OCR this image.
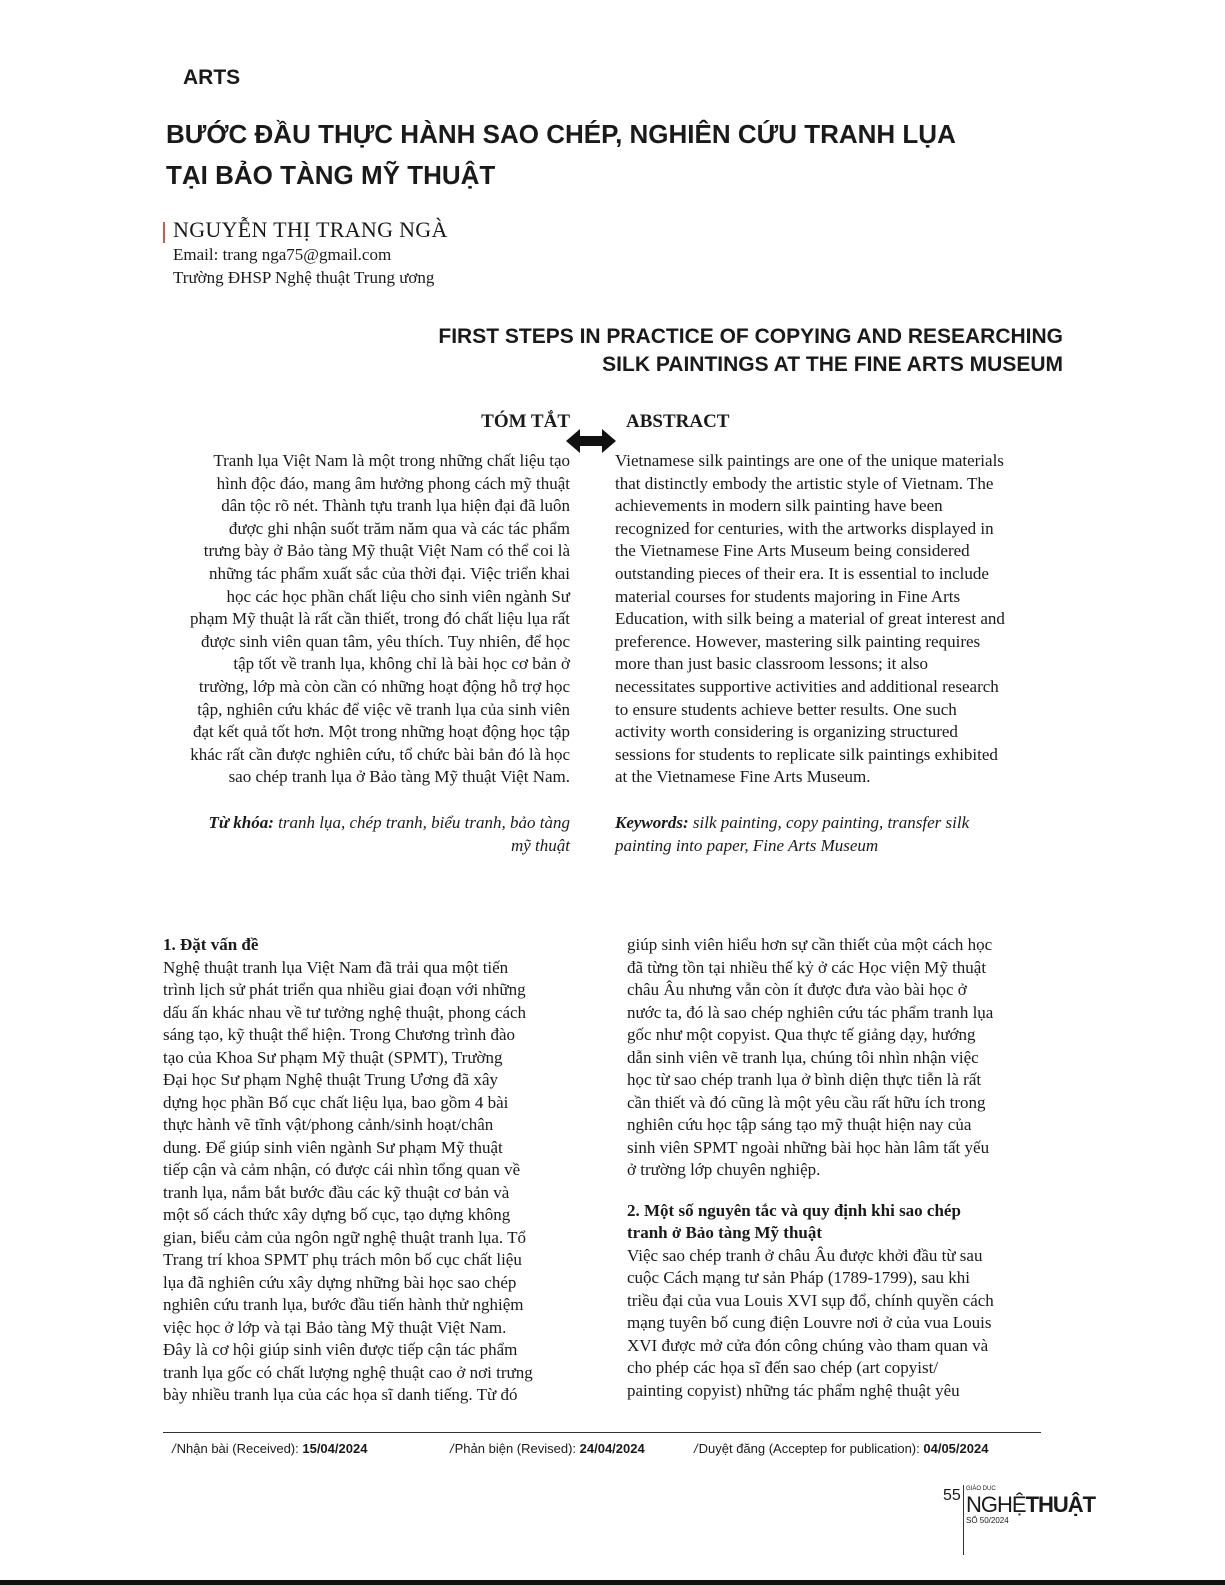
ARTS
BƯỚC ĐẦU THỰC HÀNH SAO CHÉP, NGHIÊN CỨU TRANH LỤA
TẠI BẢO TÀNG MỸ THUẬT
NGUYỄN THỊ TRANG NGÀ
Email: trang nga75@gmail.com
Trường ĐHSP Nghệ thuật Trung ương
FIRST STEPS IN PRACTICE OF COPYING AND RESEARCHING
SILK PAINTINGS AT THE FINE ARTS MUSEUM
TÓM TẮT	ABSTRACT
Tranh lụa Việt Nam là một trong những chất liệu tạo
hình độc đáo, mang âm hưởng phong cách mỹ thuật
dân tộc rõ nét. Thành tựu tranh lụa hiện đại đã luôn
được ghi nhận suốt trăm năm qua và các tác phẩm
trưng bày ở Bảo tàng Mỹ thuật Việt Nam có thể coi là
những tác phẩm xuất sắc của thời đại. Việc triển khai
học các học phần chất liệu cho sinh viên ngành Sư
phạm Mỹ thuật là rất cần thiết, trong đó chất liệu lụa rất
được sinh viên quan tâm, yêu thích. Tuy nhiên, để học
tập tốt về tranh lụa, không chỉ là bài học cơ bản ở
trường, lớp mà còn cần có những hoạt động hỗ trợ học
tập, nghiên cứu khác để việc vẽ tranh lụa của sinh viên
đạt kết quả tốt hơn. Một trong những hoạt động học tập
khác rất cần được nghiên cứu, tổ chức bài bản đó là học
sao chép tranh lụa ở Bảo tàng Mỹ thuật Việt Nam.
Vietnamese silk paintings are one of the unique materials
that distinctly embody the artistic style of Vietnam. The
achievements in modern silk painting have been
recognized for centuries, with the artworks displayed in
the Vietnamese Fine Arts Museum being considered
outstanding pieces of their era. It is essential to include
material courses for students majoring in Fine Arts
Education, with silk being a material of great interest and
preference. However, mastering silk painting requires
more than just basic classroom lessons; it also
necessitates supportive activities and additional research
to ensure students achieve better results. One such
activity worth considering is organizing structured
sessions for students to replicate silk paintings exhibited
at the Vietnamese Fine Arts Museum.
Từ khóa: tranh lụa, chép tranh, biểu tranh, bảo tàng
mỹ thuật
Keywords: silk painting, copy painting, transfer silk
painting into paper, Fine Arts Museum
1. Đặt vấn đề
Nghệ thuật tranh lụa Việt Nam đã trải qua một tiến
trình lịch sử phát triển qua nhiều giai đoạn với những
dấu ấn khác nhau về tư tưởng nghệ thuật, phong cách
sáng tạo, kỹ thuật thể hiện. Trong Chương trình đào
tạo của Khoa Sư phạm Mỹ thuật (SPMT), Trường
Đại học Sư phạm Nghệ thuật Trung Ương đã xây
dựng học phần Bố cục chất liệu lụa, bao gồm 4 bài
thực hành vẽ tĩnh vật/phong cảnh/sinh hoạt/chân
dung. Để giúp sinh viên ngành Sư phạm Mỹ thuật
tiếp cận và cảm nhận, có được cái nhìn tổng quan về
tranh lụa, nắm bắt bước đầu các kỹ thuật cơ bản và
một số cách thức xây dựng bố cục, tạo dựng không
gian, biểu cảm của ngôn ngữ nghệ thuật tranh lụa. Tổ
Trang trí khoa SPMT phụ trách môn bố cục chất liệu
lụa đã nghiên cứu xây dựng những bài học sao chép
nghiên cứu tranh lụa, bước đầu tiến hành thử nghiệm
việc học ở lớp và tại Bảo tàng Mỹ thuật Việt Nam.
Đây là cơ hội giúp sinh viên được tiếp cận tác phẩm
tranh lụa gốc có chất lượng nghệ thuật cao ở nơi trưng
bày nhiều tranh lụa của các họa sĩ danh tiếng. Từ đó
giúp sinh viên hiểu hơn sự cần thiết của một cách học
đã từng tồn tại nhiều thế kỷ ở các Học viện Mỹ thuật
châu Âu nhưng vẫn còn ít được đưa vào bài học ở
nước ta, đó là sao chép nghiên cứu tác phẩm tranh lụa
gốc như một copyist. Qua thực tế giảng dạy, hướng
dẫn sinh viên vẽ tranh lụa, chúng tôi nhìn nhận việc
học từ sao chép tranh lụa ở bình diện thực tiễn là rất
cần thiết và đó cũng là một yêu cầu rất hữu ích trong
nghiên cứu học tập sáng tạo mỹ thuật hiện nay của
sinh viên SPMT ngoài những bài học hàn lâm tất yếu
ở trường lớp chuyên nghiệp.
2. Một số nguyên tắc và quy định khi sao chép
tranh ở Bảo tàng Mỹ thuật
Việc sao chép tranh ở châu Âu được khởi đầu từ sau
cuộc Cách mạng tư sản Pháp (1789-1799), sau khi
triều đại của vua Louis XVI sụp đổ, chính quyền cách
mạng tuyên bố cung điện Louvre nơi ở của vua Louis
XVI được mở cửa đón công chúng vào tham quan và
cho phép các họa sĩ đến sao chép (art copyist/
painting copyist) những tác phẩm nghệ thuật yêu
/Nhận bài (Received): 15/04/2024	/Phản biện (Revised): 24/04/2024	/Duyệt đăng (Acceptep for publication): 04/05/2024
55 GIÁO DỤC
NGHỆTHUẬT
SỐ 50/2024
